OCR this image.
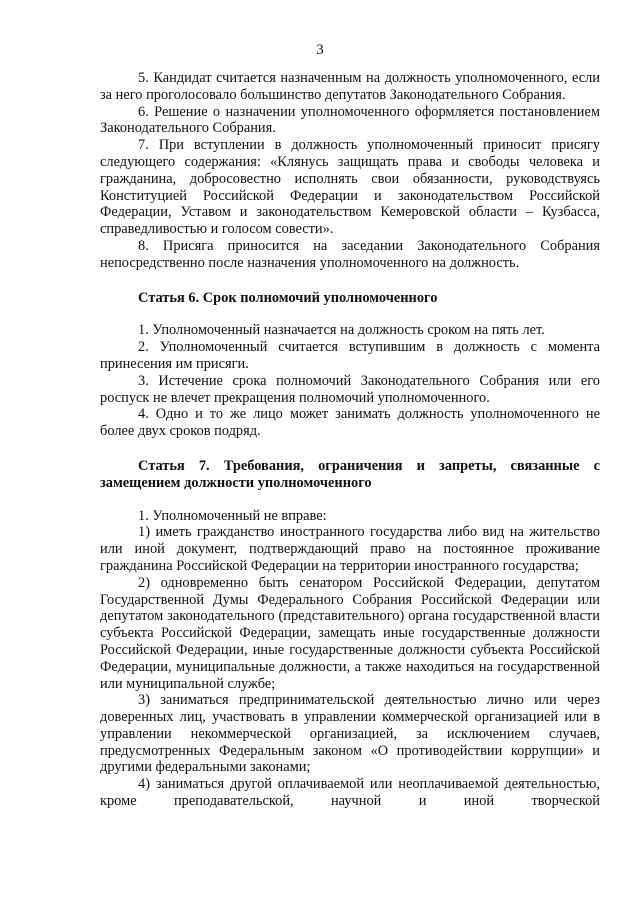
3

5. Кандидат считается назначенным на должность уполномоченного, если за него проголосовало большинство депутатов Законодательного Собрания.

6. Решение о назначении уполномоченного оформляется постановлением Законодательного Собрания.

7. При вступлении в должность уполномоченный приносит присягу следующего содержания: «Клянусь защищать права и свободы человека и гражданина, добросовестно исполнять свои обязанности, руководствуясь Конституцией Российской Федерации и законодательством Российской Федерации, Уставом и законодательством Кемеровской области – Кузбасса, справедливостью и голосом совести».

8. Присяга приносится на заседании Законодательного Собрания непосредственно после назначения уполномоченного на должность.

Статья 6. Срок полномочий уполномоченного

1. Уполномоченный назначается на должность сроком на пять лет.

2. Уполномоченный считается вступившим в должность с момента принесения им присяги.

3. Истечение срока полномочий Законодательного Собрания или его роспуск не влечет прекращения полномочий уполномоченного.

4. Одно и то же лицо может занимать должность уполномоченного не более двух сроков подряд.

Статья 7. Требования, ограничения и запреты, связанные с замещением должности уполномоченного

1. Уполномоченный не вправе:

1) иметь гражданство иностранного государства либо вид на жительство или иной документ, подтверждающий право на постоянное проживание гражданина Российской Федерации на территории иностранного государства;

2) одновременно быть сенатором Российской Федерации, депутатом Государственной Думы Федерального Собрания Российской Федерации или депутатом законодательного (представительного) органа государственной власти субъекта Российской Федерации, замещать иные государственные должности Российской Федерации, иные государственные должности субъекта Российской Федерации, муниципальные должности, а также находиться на государственной или муниципальной службе;

3) заниматься предпринимательской деятельностью лично или через доверенных лиц, участвовать в управлении коммерческой организацией или в управлении некоммерческой организацией, за исключением случаев, предусмотренных Федеральным законом «О противодействии коррупции» и другими федеральными законами;

4) заниматься другой оплачиваемой или неоплачиваемой деятельностью, кроме преподавательской, научной и иной творческой
